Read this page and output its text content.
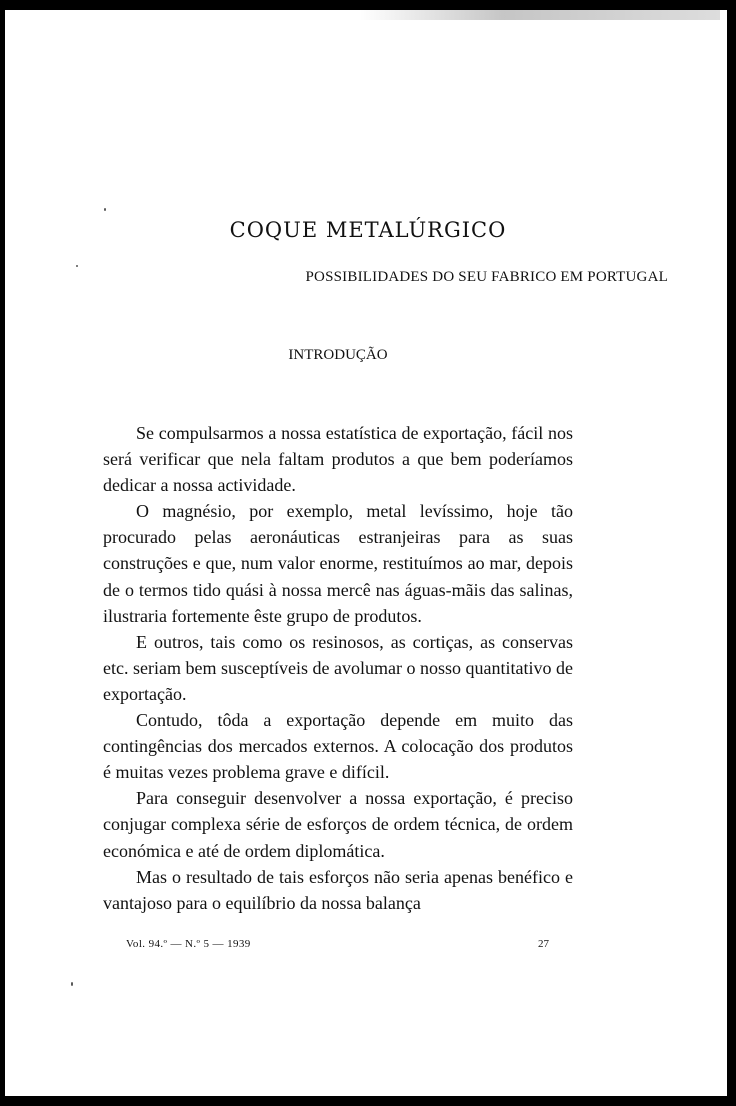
COQUE METALÚRGICO
POSSIBILIDADES DO SEU FABRICO EM PORTUGAL
INTRODUÇÃO

Se compulsarmos a nossa estatística de exportação, fácil nos será verificar que nela faltam produtos a que bem poderíamos dedicar a nossa actividade.

O magnésio, por exemplo, metal levíssimo, hoje tão procurado pelas aeronáuticas estranjeiras para as suas construções e que, num valor enorme, restituímos ao mar, depois de o termos tido quási à nossa mercê nas águas-mãis das salinas, ilustraria fortemente êste grupo de produtos.

E outros, tais como os resinosos, as cortiças, as conservas etc. seriam bem susceptíveis de avolumar o nosso quantitativo de exportação.

Contudo, tôda a exportação depende em muito das contingências dos mercados externos. A colocação dos produtos é muitas vezes problema grave e difícil.

Para conseguir desenvolver a nossa exportação, é preciso conjugar complexa série de esforços de ordem técnica, de ordem económica e até de ordem diplomática.

Mas o resultado de tais esforços não seria apenas benéfico e vantajoso para o equilíbrio da nossa balança

Vol. 94.º — N.º 5 — 1939	27
